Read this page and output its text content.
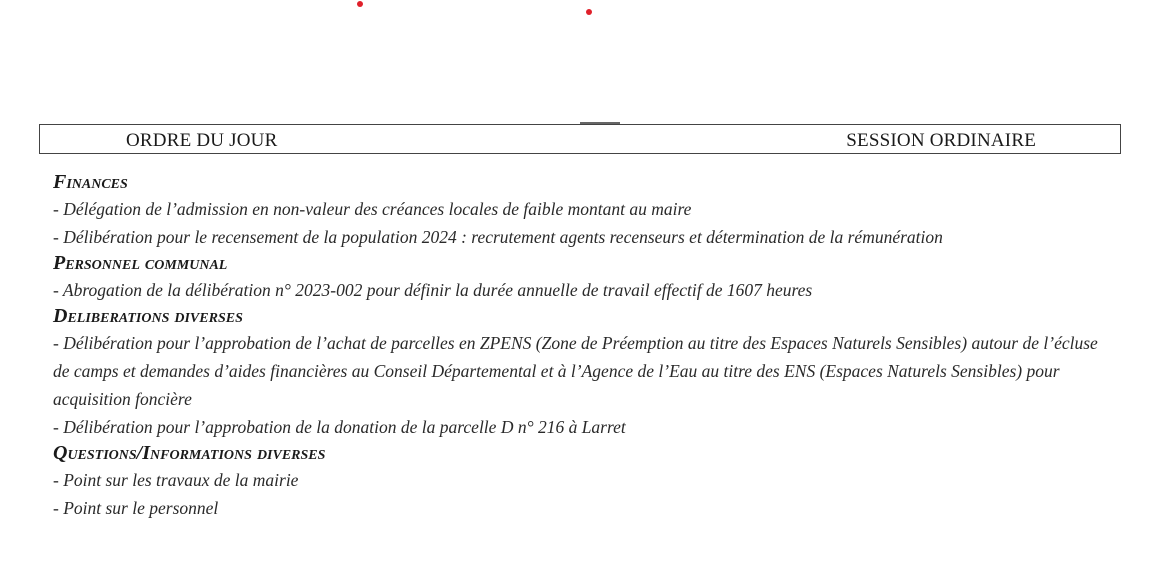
ORDRE DU JOUR	SESSION ORDINAIRE
Finances
- Délégation de l’admission en non-valeur des créances locales de faible montant au maire
- Délibération pour le recensement de la population 2024 : recrutement agents recenseurs et détermination de la rémunération
Personnel communal
- Abrogation de la délibération n° 2023-002 pour définir la durée annuelle de travail effectif de 1607 heures
Deliberations diverses
- Délibération pour l’approbation de l’achat de parcelles en ZPENS (Zone de Préemption au titre des Espaces Naturels Sensibles) autour de l’écluse de camps et demandes d’aides financières au Conseil Départemental et à l’Agence de l’Eau au titre des ENS (Espaces Naturels Sensibles) pour acquisition foncière
- Délibération pour l’approbation de la donation de la parcelle D n° 216 à Larret
Questions/Informations diverses
- Point sur les travaux de la mairie
- Point sur le personnel
